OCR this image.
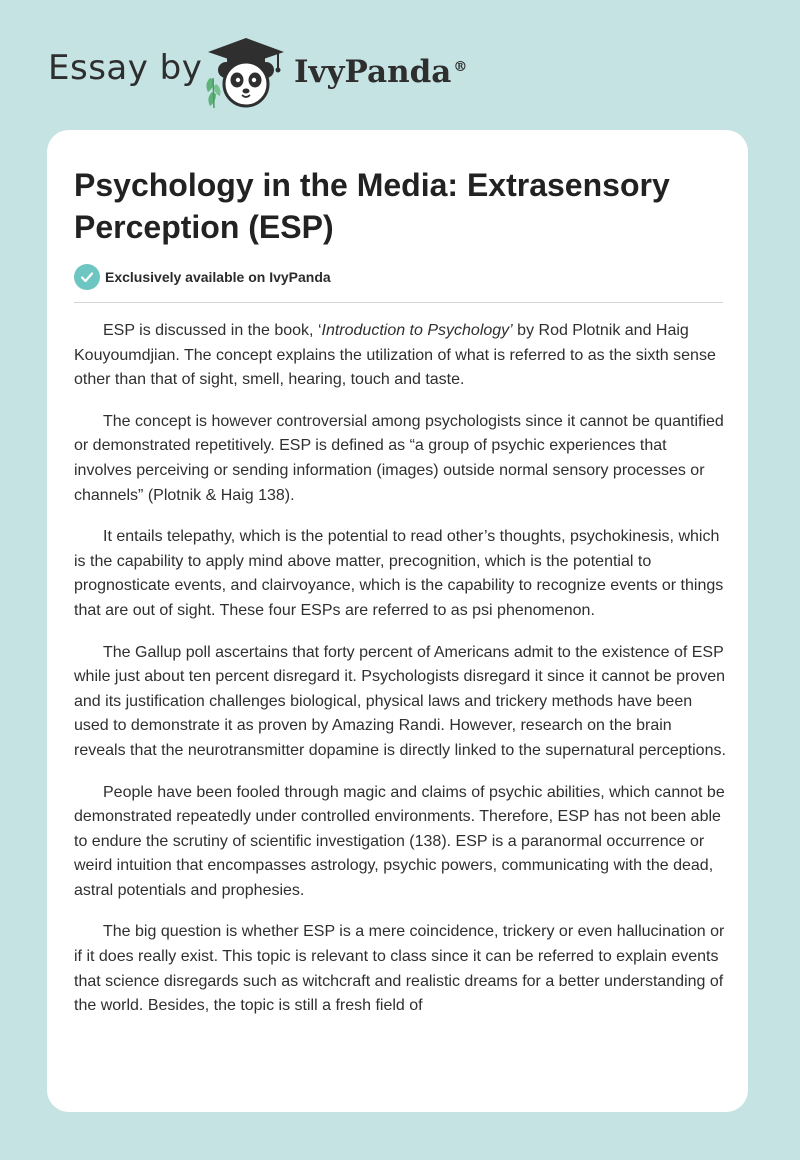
Essay by	IvyPanda ®
Psychology in the Media: Extrasensory Perception (ESP)
Exclusively available on IvyPanda

ESP is discussed in the book, ‘Introduction to Psychology’ by Rod Plotnik and Haig Kouyoumdjian. The concept explains the utilization of what is referred to as the sixth sense other than that of sight, smell, hearing, touch and taste.

The concept is however controversial among psychologists since it cannot be quantified or demonstrated repetitively. ESP is defined as “a group of psychic experiences that involves perceiving or sending information (images) outside normal sensory processes or channels” (Plotnik & Haig 138).

It entails telepathy, which is the potential to read other’s thoughts, psychokinesis, which is the capability to apply mind above matter, precognition, which is the potential to prognosticate events, and clairvoyance, which is the capability to recognize events or things that are out of sight. These four ESPs are referred to as psi phenomenon.

The Gallup poll ascertains that forty percent of Americans admit to the existence of ESP while just about ten percent disregard it. Psychologists disregard it since it cannot be proven and its justification challenges biological, physical laws and trickery methods have been used to demonstrate it as proven by Amazing Randi. However, research on the brain reveals that the neurotransmitter dopamine is directly linked to the supernatural perceptions.

People have been fooled through magic and claims of psychic abilities, which cannot be demonstrated repeatedly under controlled environments. Therefore, ESP has not been able to endure the scrutiny of scientific investigation (138). ESP is a paranormal occurrence or weird intuition that encompasses astrology, psychic powers, communicating with the dead, astral potentials and prophesies.

The big question is whether ESP is a mere coincidence, trickery or even hallucination or if it does really exist. This topic is relevant to class since it can be referred to explain events that science disregards such as witchcraft and realistic dreams for a better understanding of the world. Besides, the topic is still a fresh field of
